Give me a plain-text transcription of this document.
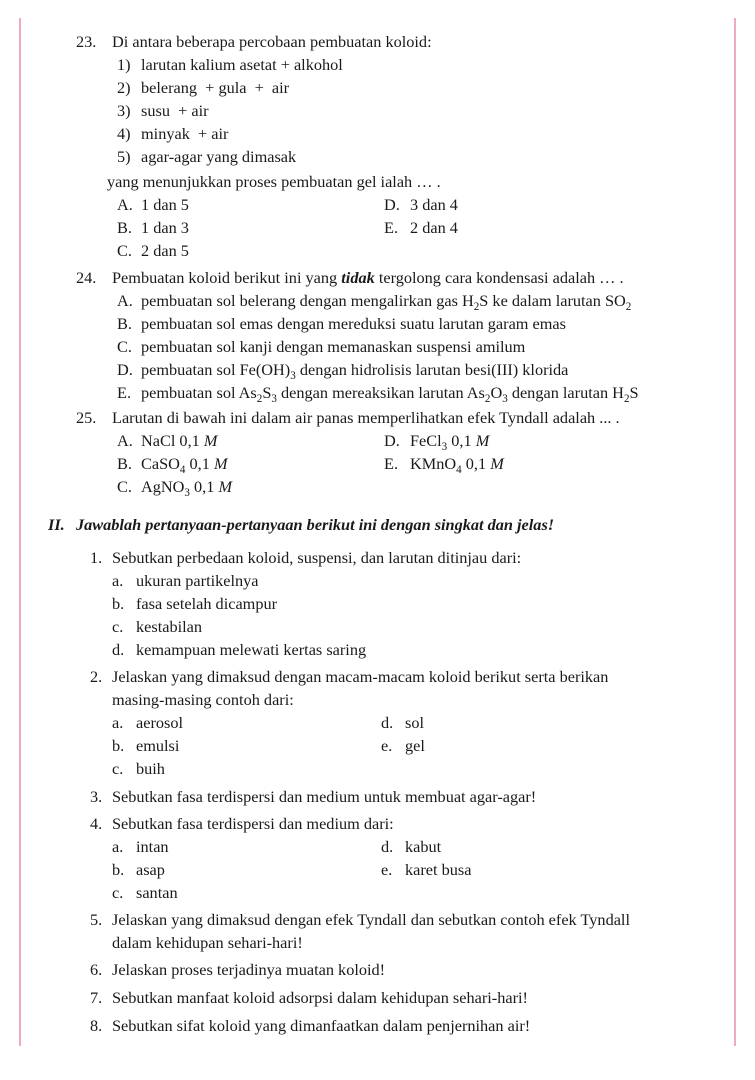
23. Di antara beberapa percobaan pembuatan koloid:
1) larutan kalium asetat + alkohol
2) belerang  + gula  +  air
3) susu  + air
4) minyak  + air
5) agar-agar yang dimasak
yang menunjukkan proses pembuatan gel ialah … .
A. 1 dan 5	D. 3 dan 4
B. 1 dan 3	E. 2 dan 4
C. 2 dan 5
24. Pembuatan koloid berikut ini yang tidak tergolong cara kondensasi adalah … .
A. pembuatan sol belerang dengan mengalirkan gas $H_2S$ ke dalam larutan $SO_2$
B. pembuatan sol emas dengan mereduksi suatu larutan garam emas
C. pembuatan sol kanji dengan memanaskan suspensi amilum
D. pembuatan sol $Fe(OH)_3$ dengan hidrolisis larutan besi(III) klorida
E. pembuatan sol $As_2S_3$ dengan mereaksikan larutan $As_2O_3$ dengan larutan $H_2S$
25. Larutan di bawah ini dalam air panas memperlihatkan efek Tyndall adalah ... .
A. NaCl 0,1 M	D. FeCl$_3$ 0,1 M
B. CaSO$_4$ 0,1 M	E. KMnO$_4$ 0,1 M
C. AgNO$_3$ 0,1 M
II. Jawablah pertanyaan-pertanyaan berikut ini dengan singkat dan jelas!
1. Sebutkan perbedaan koloid, suspensi, dan larutan ditinjau dari:
a. ukuran partikelnya
b. fasa setelah dicampur
c. kestabilan
d. kemampuan melewati kertas saring
2. Jelaskan yang dimaksud dengan macam-macam koloid berikut serta berikan
masing-masing contoh dari:
a. aerosol	d. sol
b. emulsi	e. gel
c. buih
3. Sebutkan fasa terdispersi dan medium untuk membuat agar-agar!
4. Sebutkan fasa terdispersi dan medium dari:
a. intan	d. kabut
b. asap	e. karet busa
c. santan
5. Jelaskan yang dimaksud dengan efek Tyndall dan sebutkan contoh efek Tyndall
dalam kehidupan sehari-hari!
6. Jelaskan proses terjadinya muatan koloid!
7. Sebutkan manfaat koloid adsorpsi dalam kehidupan sehari-hari!
8. Sebutkan sifat koloid yang dimanfaatkan dalam penjernihan air!
